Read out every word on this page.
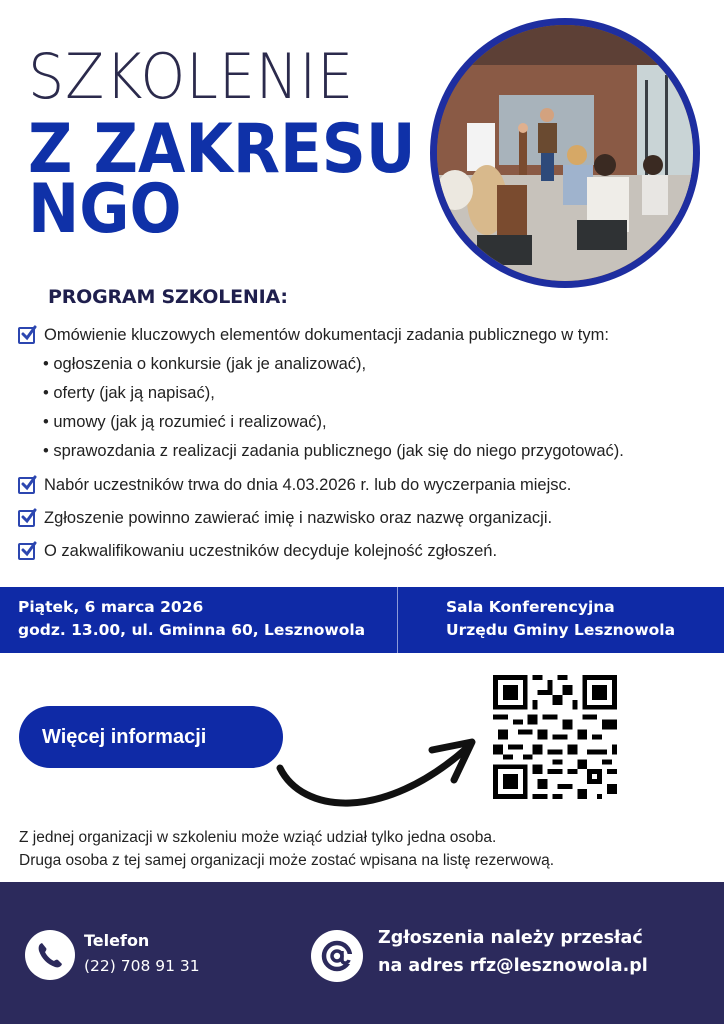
SZKOLENIE
Z ZAKRESU
NGO
PROGRAM SZKOLENIA:
Omówienie kluczowych elementów dokumentacji zadania publicznego w tym:
• ogłoszenia o konkursie (jak je analizować),
• oferty (jak ją napisać),
• umowy (jak ją rozumieć i realizować),
• sprawozdania z realizacji zadania publicznego (jak się do niego przygotować).
Nabór uczestników trwa do dnia 4.03.2026 r. lub do wyczerpania miejsc.
Zgłoszenie powinno zawierać imię i nazwisko oraz nazwę organizacji.
O zakwalifikowaniu uczestników decyduje kolejność zgłoszeń.
Piątek, 6 marca 2026
godz. 13.00, ul. Gminna 60, Lesznowola
Sala Konferencyjna
Urzędu Gminy Lesznowola
Więcej informacji
Z jednej organizacji w szkoleniu może wziąć udział tylko jedna osoba.
Druga osoba z tej samej organizacji może zostać wpisana na listę rezerwową.
Telefon
(22) 708 91 31
Zgłoszenia należy przesłać
na adres rfz@lesznowola.pl
